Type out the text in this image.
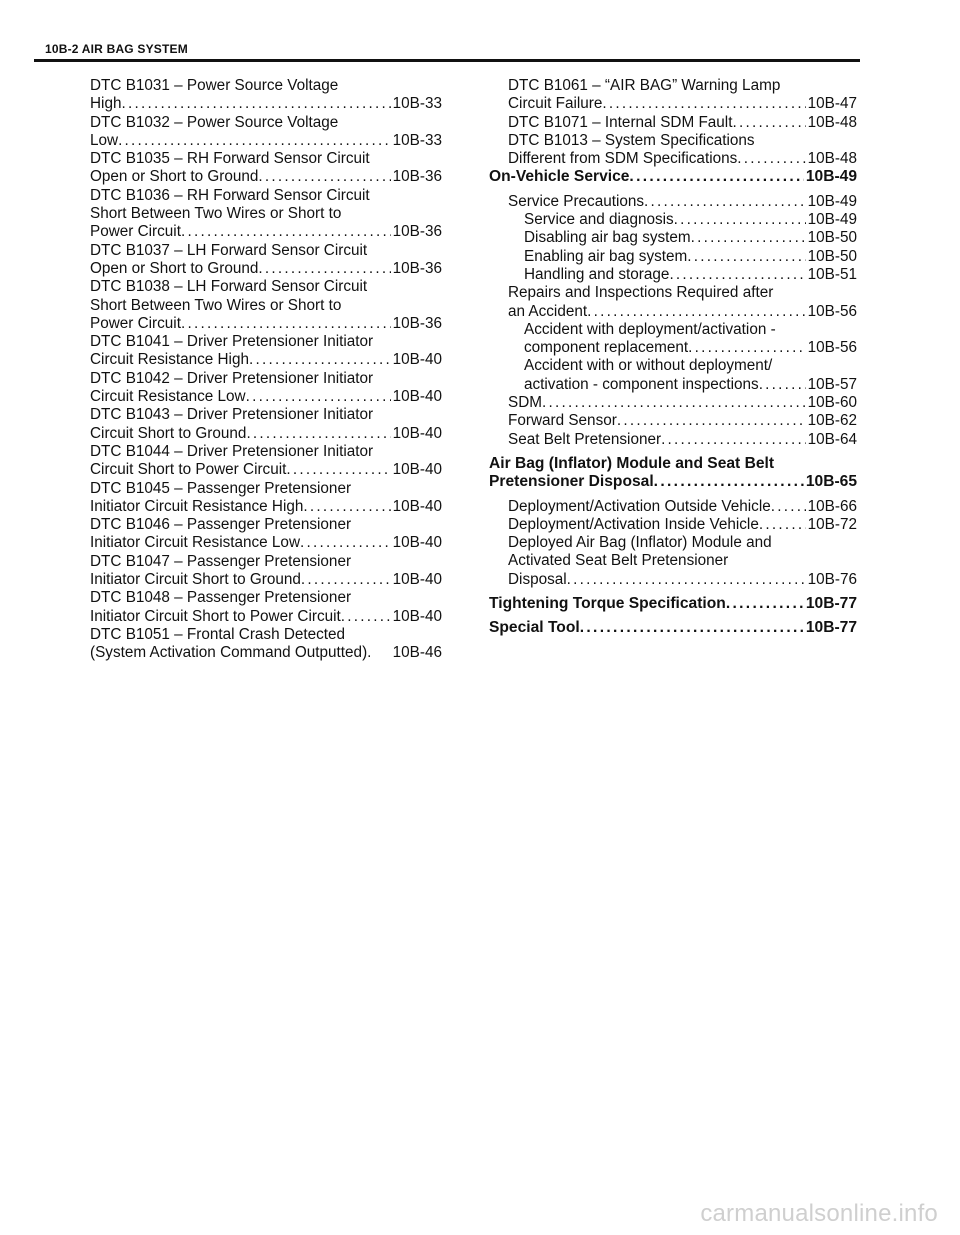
10B-2 AIR BAG SYSTEM
DTC B1031 – Power Source Voltage
High . . .	10B-33
DTC B1032 – Power Source Voltage
Low . . .	10B-33
DTC B1035 – RH Forward Sensor Circuit
Open or Short to Ground . . .	10B-36
DTC B1036 – RH Forward Sensor Circuit
Short Between Two Wires or Short to
Power Circuit . . .	10B-36
DTC B1037 – LH Forward Sensor Circuit
Open or Short to Ground . . .	10B-36
DTC B1038 – LH Forward Sensor Circuit
Short Between Two Wires or Short to
Power Circuit . . .	10B-36
DTC B1041 – Driver Pretensioner Initiator
Circuit Resistance High . . .	10B-40
DTC B1042 – Driver Pretensioner Initiator
Circuit Resistance Low . . .	10B-40
DTC B1043 – Driver Pretensioner Initiator
Circuit Short to Ground . . .	10B-40
DTC B1044 – Driver Pretensioner Initiator
Circuit Short to Power Circuit . . .	10B-40
DTC B1045 – Passenger Pretensioner
Initiator Circuit Resistance High . . .	10B-40
DTC B1046 – Passenger Pretensioner
Initiator Circuit Resistance Low . . .	10B-40
DTC B1047 – Passenger Pretensioner
Initiator Circuit Short to Ground . . .	10B-40
DTC B1048 – Passenger Pretensioner
Initiator Circuit Short to Power Circuit . . .	10B-40
DTC B1051 – Frontal Crash Detected
(System Activation Command Outputted). 10B-46
DTC B1061 – “AIR BAG” Warning Lamp
Circuit Failure . . .	10B-47
DTC B1071 – Internal SDM Fault . . .	10B-48
DTC B1013 – System Specifications
Different from SDM Specifications . . .	10B-48
On-Vehicle Service . . .	10B-49
Service Precautions . . .	10B-49
Service and diagnosis . . .	10B-49
Disabling air bag system . . .	10B-50
Enabling air bag system . . .	10B-50
Handling and storage . . .	10B-51
Repairs and Inspections Required after
an Accident . . .	10B-56
Accident with deployment/activation -
component replacement . . .	10B-56
Accident with or without deployment/
activation - component inspections . . .	10B-57
SDM . . .	10B-60
Forward Sensor . . .	10B-62
Seat Belt Pretensioner . . .	10B-64
Air Bag (Inflator) Module and Seat Belt
Pretensioner Disposal . . .	10B-65
Deployment/Activation Outside Vehicle . . . 10B-66
Deployment/Activation Inside Vehicle . . .	10B-72
Deployed Air Bag (Inflator) Module and
Activated Seat Belt Pretensioner
Disposal . . .	10B-76
Tightening Torque Specification . . .	10B-77
Special Tool . . .	10B-77
carmanualsonline.info
